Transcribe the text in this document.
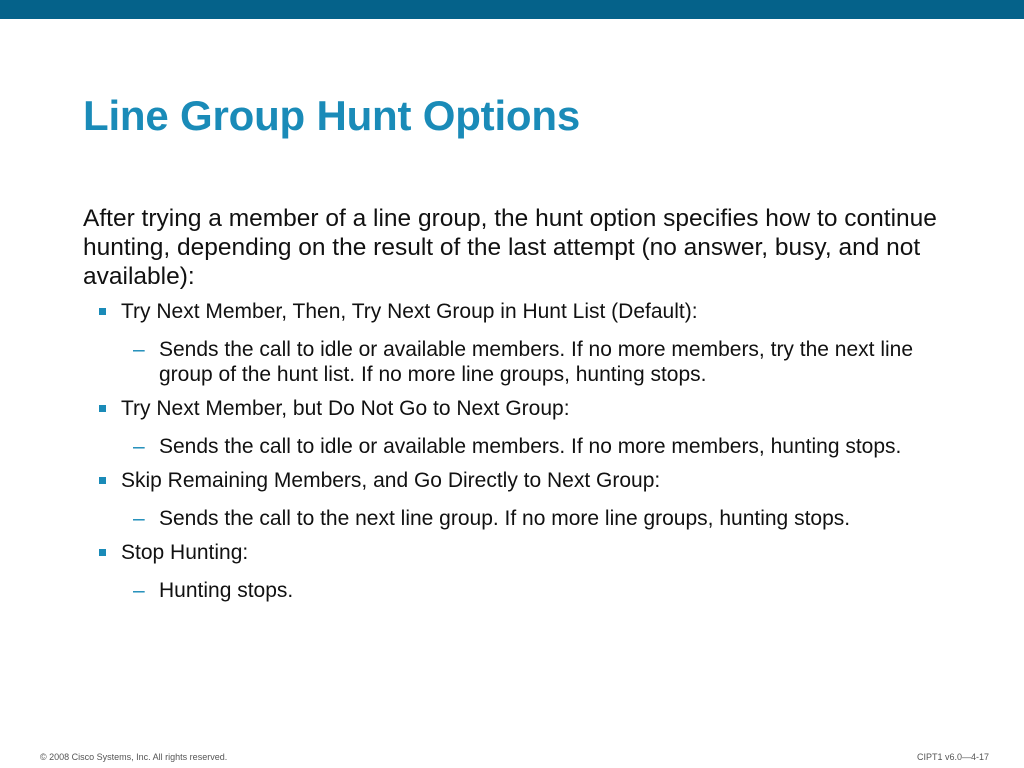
Line Group Hunt Options

After trying a member of a line group, the hunt option specifies how to continue hunting, depending on the result of the last attempt (no answer, busy, and not available):

Try Next Member, Then, Try Next Group in Hunt List (Default):
– Sends the call to idle or available members. If no more members, try the next line group of the hunt list. If no more line groups, hunting stops.
Try Next Member, but Do Not Go to Next Group:
– Sends the call to idle or available members. If no more members, hunting stops.
Skip Remaining Members, and Go Directly to Next Group:
– Sends the call to the next line group. If no more line groups, hunting stops.
Stop Hunting:
– Hunting stops.
© 2008 Cisco Systems, Inc. All rights reserved.	CIPT1 v6.0—4-17
